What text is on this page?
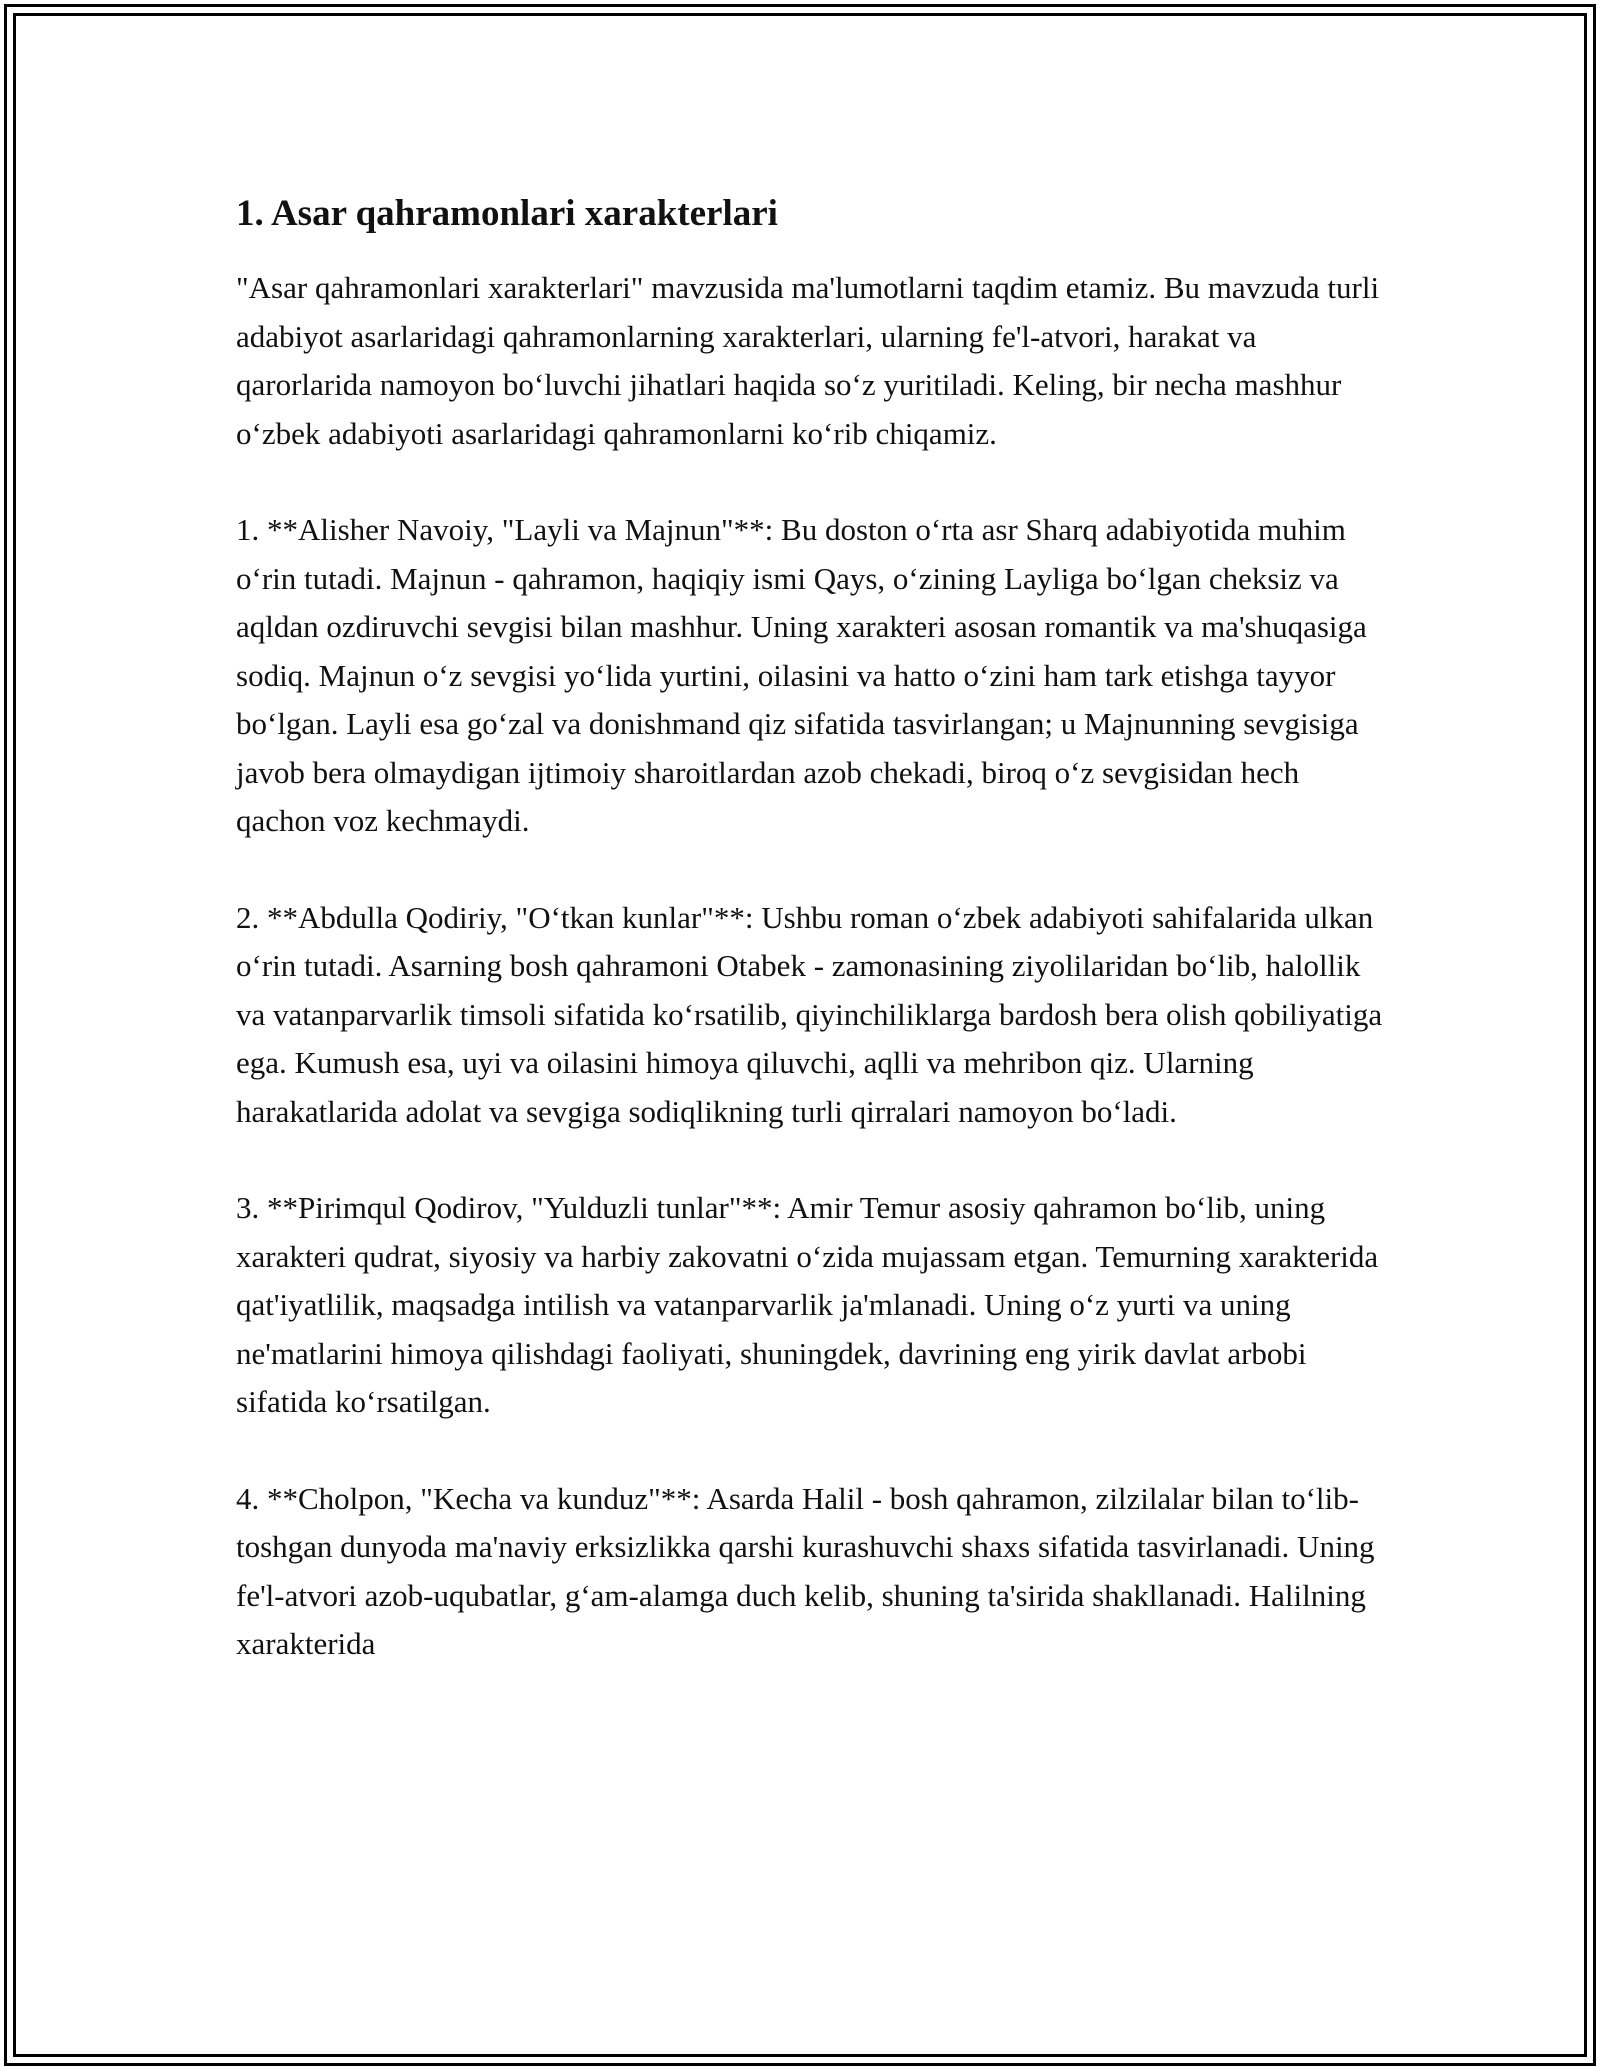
1. Asar qahramonlari xarakterlari

"Asar qahramonlari xarakterlari" mavzusida ma'lumotlarni taqdim etamiz. Bu mavzuda turli adabiyot asarlaridagi qahramonlarning xarakterlari, ularning fe'l-atvori, harakat va qarorlarida namoyon boʻluvchi jihatlari haqida soʻz yuritiladi. Keling, bir necha mashhur oʻzbek adabiyoti asarlaridagi qahramonlarni koʻrib chiqamiz.

1. **Alisher Navoiy, "Layli va Majnun"**: Bu doston oʻrta asr Sharq adabiyotida muhim oʻrin tutadi. Majnun - qahramon, haqiqiy ismi Qays, oʻzining Layliga boʻlgan cheksiz va aqldan ozdiruvchi sevgisi bilan mashhur. Uning xarakteri asosan romantik va ma'shuqasiga sodiq. Majnun oʻz sevgisi yoʻlida yurtini, oilasini va hatto oʻzini ham tark etishga tayyor boʻlgan. Layli esa goʻzal va donishmand qiz sifatida tasvirlangan; u Majnunning sevgisiga javob bera olmaydigan ijtimoiy sharoitlardan azob chekadi, biroq oʻz sevgisidan hech qachon voz kechmaydi.

2. **Abdulla Qodiriy, "Oʻtkan kunlar"**: Ushbu roman oʻzbek adabiyoti sahifalarida ulkan oʻrin tutadi. Asarning bosh qahramoni Otabek - zamonasining ziyolilaridan boʻlib, halollik va vatanparvarlik timsoli sifatida koʻrsatilib, qiyinchiliklarga bardosh bera olish qobiliyatiga ega. Kumush esa, uyi va oilasini himoya qiluvchi, aqlli va mehribon qiz. Ularning harakatlarida adolat va sevgiga sodiqlikning turli qirralari namoyon boʻladi.

3. **Pirimqul Qodirov, "Yulduzli tunlar"**: Amir Temur asosiy qahramon boʻlib, uning xarakteri qudrat, siyosiy va harbiy zakovatni oʻzida mujassam etgan. Temurning xarakterida qat'iyatlilik, maqsadga intilish va vatanparvarlik ja'mlanadi. Uning oʻz yurti va uning ne'matlarini himoya qilishdagi faoliyati, shuningdek, davrining eng yirik davlat arbobi sifatida koʻrsatilgan.

4. **Cholpon, "Kecha va kunduz"**: Asarda Halil - bosh qahramon, zilzilalar bilan toʻlib-toshgan dunyoda ma'naviy erksizlikka qarshi kurashuvchi shaxs sifatida tasvirlanadi. Uning fe'l-atvori azob-uqubatlar, gʻam-alamga duch kelib, shuning ta'sirida shakllanadi. Halilning xarakterida
